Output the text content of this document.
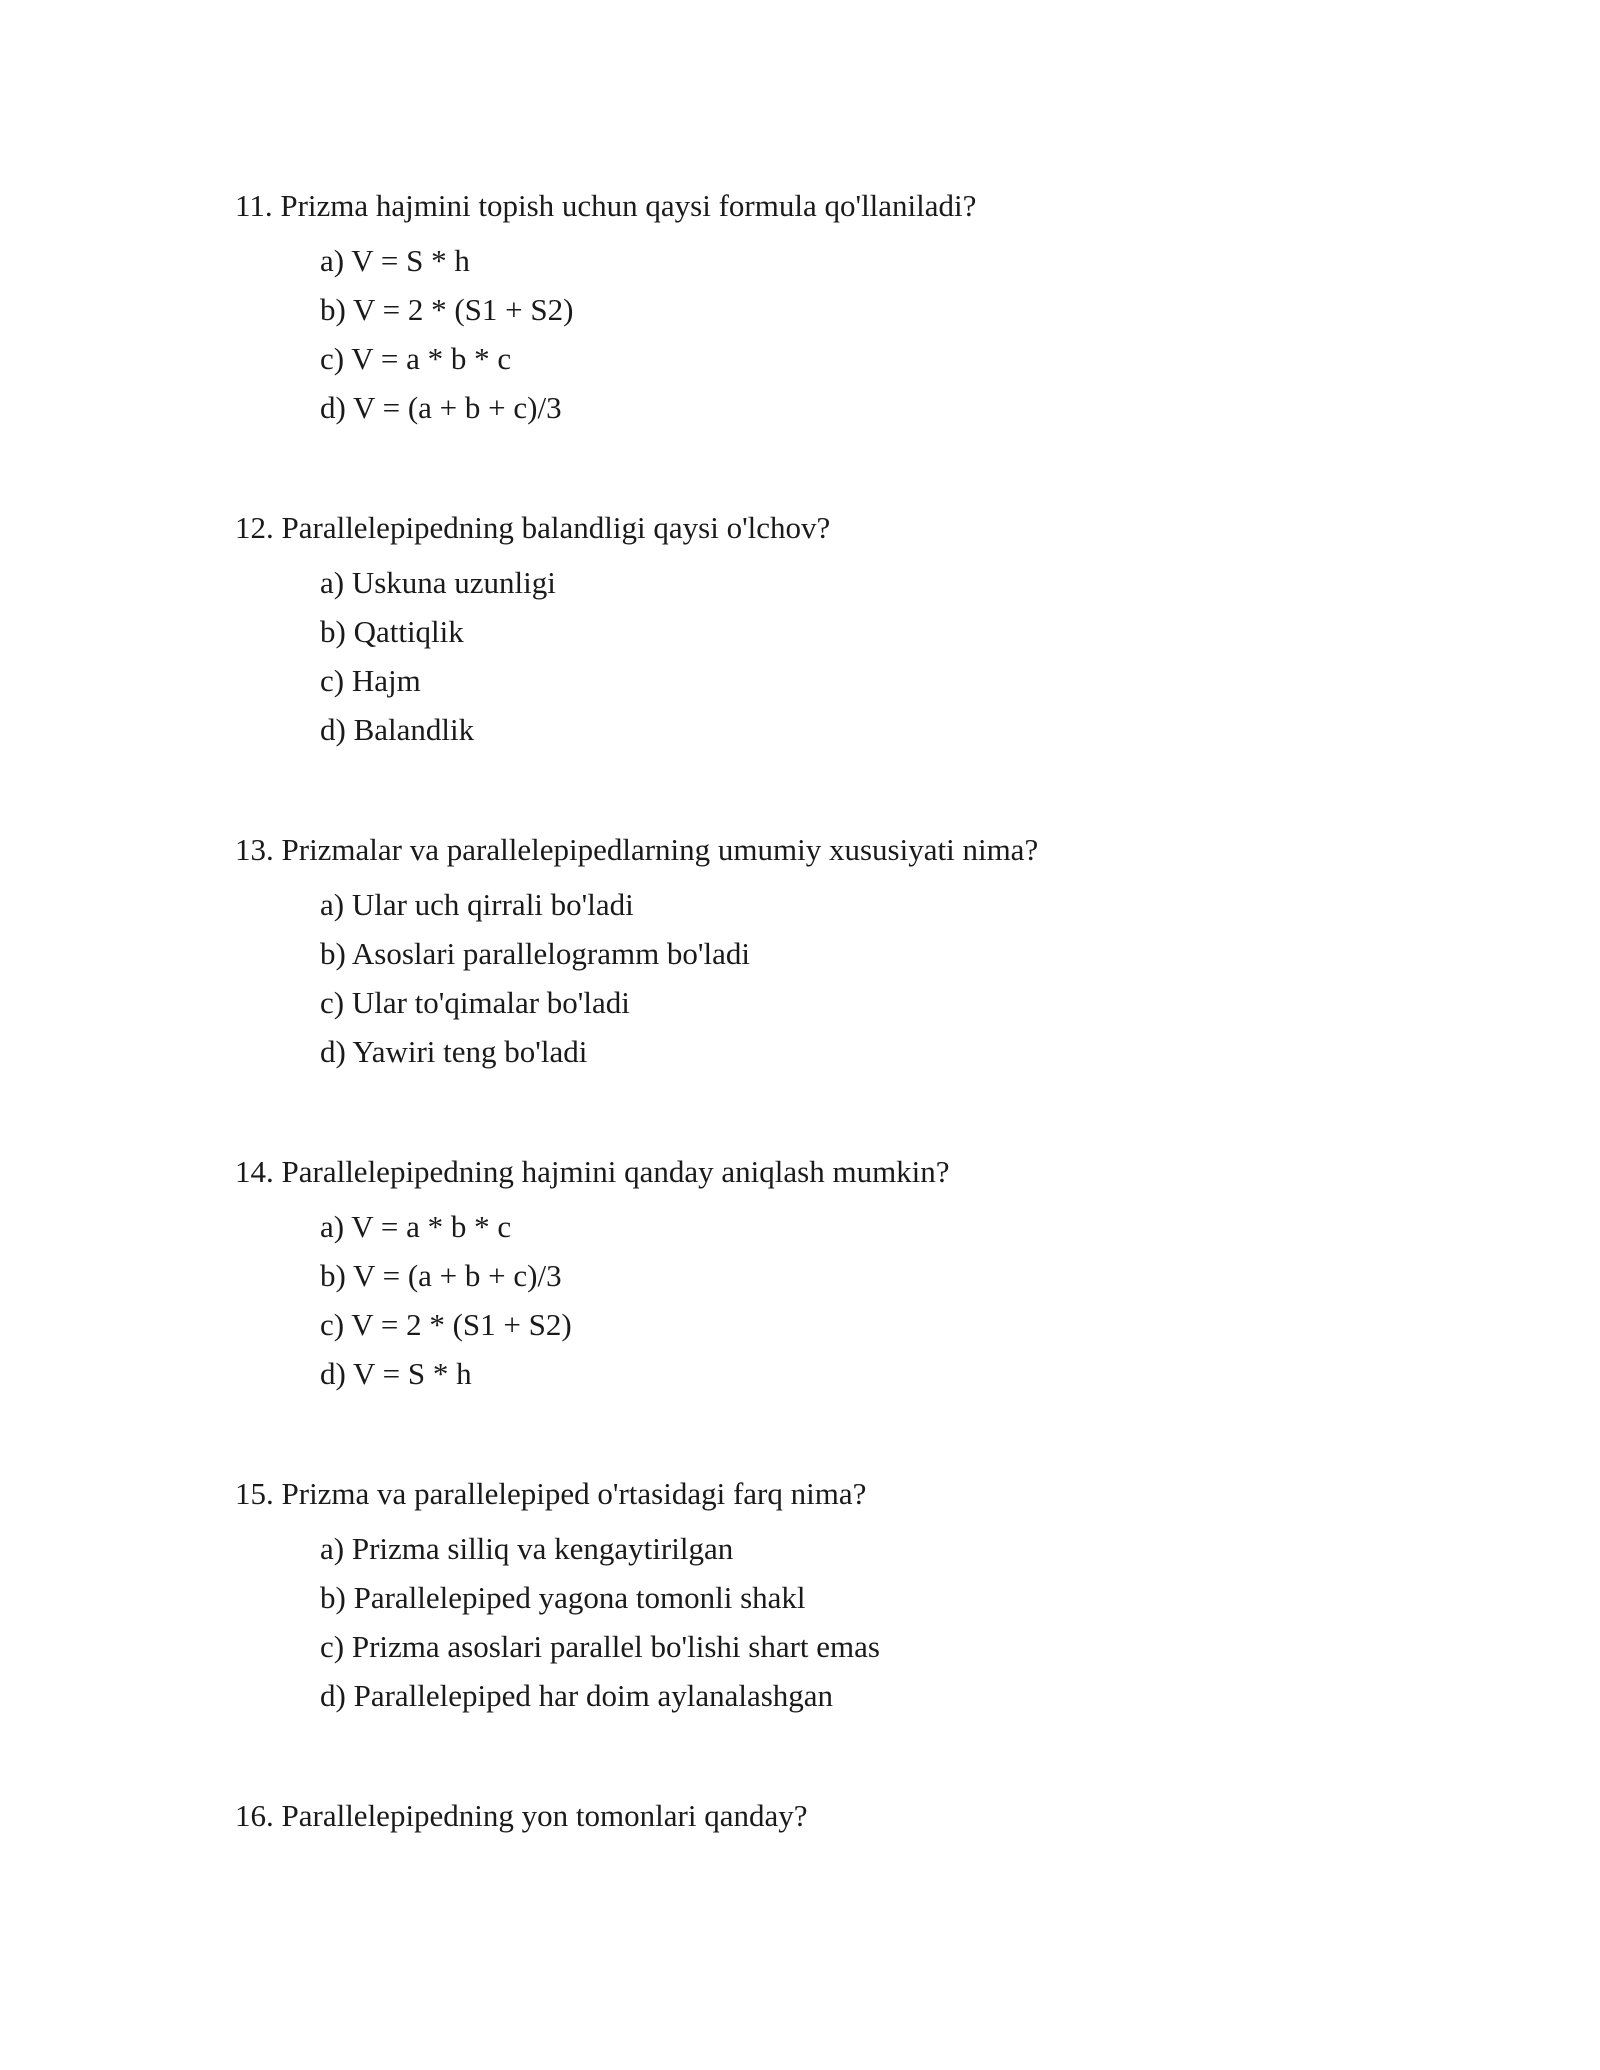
11. Prizma hajmini topish uchun qaysi formula qo'llaniladi?
a) V = S * h
b) V = 2 * (S1 + S2)
c) V = a * b * c
d) V = (a + b + c)/3
12. Parallelepipedning balandligi qaysi o'lchov?
a) Uskuna uzunligi
b) Qattiqlik
c) Hajm
d) Balandlik
13. Prizmalar va parallelepipedlarning umumiy xususiyati nima?
a) Ular uch qirrali bo'ladi
b) Asoslari parallelogramm bo'ladi
c) Ular to'qimalar bo'ladi
d) Yawiri teng bo'ladi
14. Parallelepipedning hajmini qanday aniqlash mumkin?
a) V = a * b * c
b) V = (a + b + c)/3
c) V = 2 * (S1 + S2)
d) V = S * h
15. Prizma va parallelepiped o'rtasidagi farq nima?
a) Prizma silliq va kengaytirilgan
b) Parallelepiped yagona tomonli shakl
c) Prizma asoslari parallel bo'lishi shart emas
d) Parallelepiped har doim aylanalashgan
16. Parallelepipedning yon tomonlari qanday?
